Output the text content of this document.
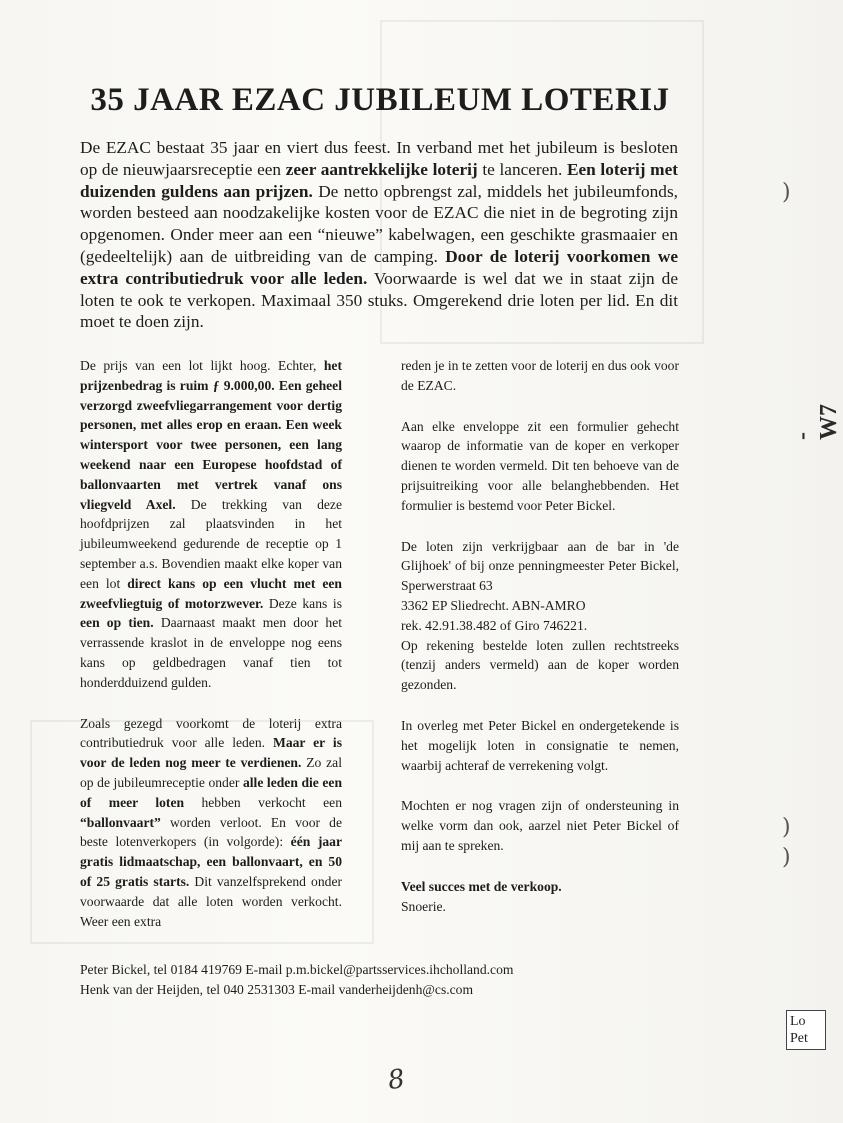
35 JAAR EZAC JUBILEUM LOTERIJ
De EZAC bestaat 35 jaar en viert dus feest. In verband met het jubileum is besloten op de nieuwjaarsreceptie een zeer aantrekkelijke loterij te lanceren. Een loterij met duizenden guldens aan prijzen. De netto opbrengst zal, middels het jubileumfonds, worden besteed aan noodzakelijke kosten voor de EZAC die niet in de begroting zijn opgenomen. Onder meer aan een “nieuwe” kabelwagen, een geschikte grasmaaier en (gedeeltelijk) aan de uitbreiding van de camping. Door de loterij voorkomen we extra contributiedruk voor alle leden. Voorwaarde is wel dat we in staat zijn de loten te ook te verkopen. Maximaal 350 stuks. Omgerekend drie loten per lid. En dit moet te doen zijn.

De prijs van een lot lijkt hoog. Echter, het prijzenbedrag is ruim ƒ 9.000,00. Een geheel verzorgd zweefvliegarrangement voor dertig personen, met alles erop en eraan. Een week wintersport voor twee personen, een lang weekend naar een Europese hoofdstad of ballonvaarten met vertrek vanaf ons vliegveld Axel. De trekking van deze hoofdprijzen zal plaatsvinden in het jubileumweekend gedurende de receptie op 1 september a.s. Bovendien maakt elke koper van een lot direct kans op een vlucht met een zweefvliegtuig of motorzwever. Deze kans is een op tien. Daarnaast maakt men door het verrassende kraslot in de enveloppe nog eens kans op geldbedragen vanaf tien tot honderdduizend gulden.

Zoals gezegd voorkomt de loterij extra contributiedruk voor alle leden. Maar er is voor de leden nog meer te verdienen. Zo zal op de jubileumreceptie onder alle leden die een of meer loten hebben verkocht een “ballonvaart” worden verloot. En voor de beste lotenverkopers (in volgorde): één jaar gratis lidmaatschap, een ballonvaart, en 50 of 25 gratis starts. Dit vanzelfsprekend onder voorwaarde dat alle loten worden verkocht. Weer een extra

reden je in te zetten voor de loterij en dus ook voor de EZAC.

Aan elke enveloppe zit een formulier gehecht waarop de informatie van de koper en verkoper dienen te worden vermeld. Dit ten behoeve van de prijsuitreiking voor alle belanghebbenden. Het formulier is bestemd voor Peter Bickel.

De loten zijn verkrijgbaar aan de bar in 'de Glijhoek' of bij onze penningmeester Peter Bickel, Sperwerstraat 63

3362 EP Sliedrecht. ABN-AMRO

rek. 42.91.38.482 of Giro 746221.

Op rekening bestelde loten zullen rechtstreeks (tenzij anders vermeld) aan de koper worden gezonden.

In overleg met Peter Bickel en ondergetekende is het mogelijk loten in consignatie te nemen, waarbij achteraf de verrekening volgt.

Mochten er nog vragen zijn of ondersteuning in welke vorm dan ook, aarzel niet Peter Bickel of mij aan te spreken.

Veel succes met de verkoop.

Snoerie.

Peter Bickel, tel 0184 419769 E-mail p.m.bickel@partsservices.ihcholland.com
Henk van der Heijden, tel 040 2531303 E-mail vanderheijdenh@cs.com
8
-W7
Lo
Pet
)
)
)
